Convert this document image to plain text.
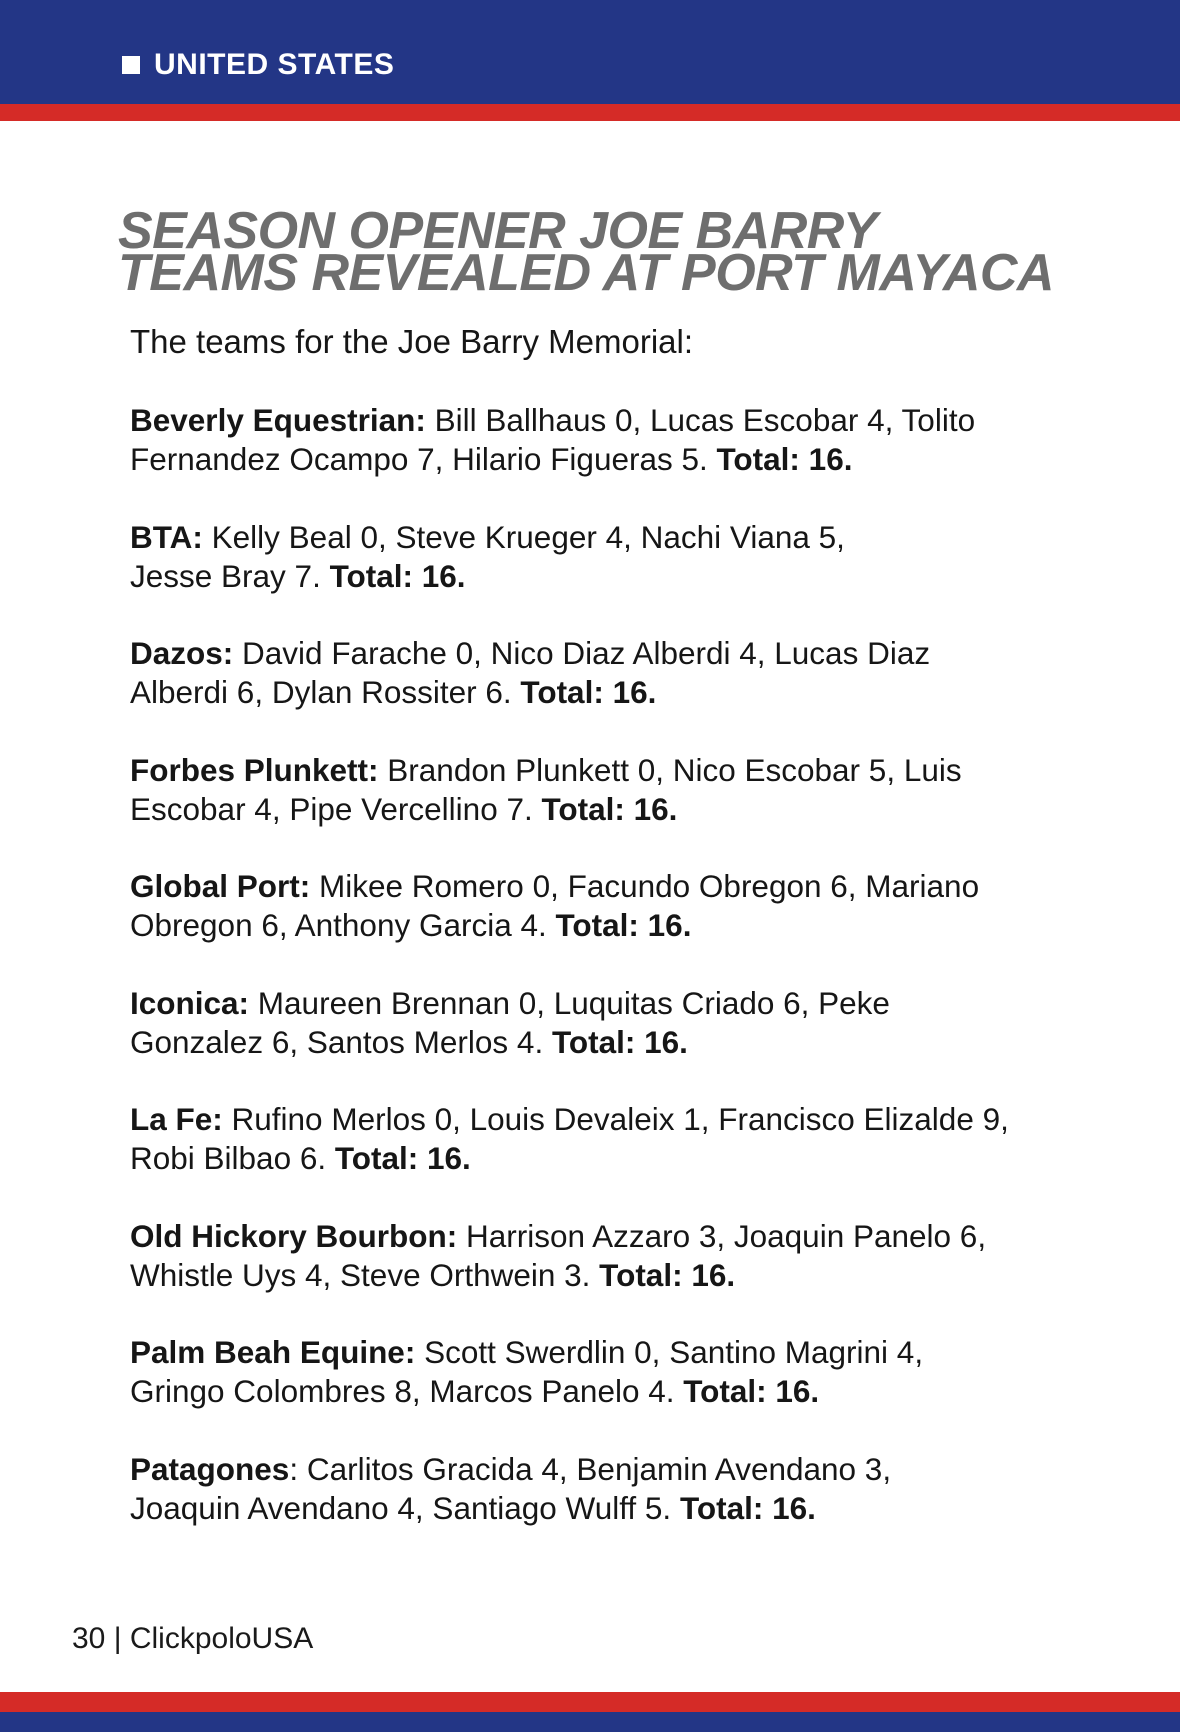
UNITED STATES
SEASON OPENER JOE BARRY
TEAMS REVEALED AT PORT MAYACA

The teams for the Joe Barry Memorial:

Beverly Equestrian: Bill Ballhaus 0, Lucas Escobar 4, Tolito
Fernandez Ocampo 7, Hilario Figueras 5. Total: 16.
BTA: Kelly Beal 0, Steve Krueger 4, Nachi Viana 5,
Jesse Bray 7. Total: 16.
Dazos: David Farache 0, Nico Diaz Alberdi 4, Lucas Diaz
Alberdi 6, Dylan Rossiter 6. Total: 16.
Forbes Plunkett: Brandon Plunkett 0, Nico Escobar 5, Luis
Escobar 4, Pipe Vercellino 7. Total: 16.
Global Port: Mikee Romero 0, Facundo Obregon 6, Mariano
Obregon 6, Anthony Garcia 4. Total: 16.
Iconica: Maureen Brennan 0, Luquitas Criado 6, Peke
Gonzalez 6, Santos Merlos 4. Total: 16.
La Fe: Rufino Merlos 0, Louis Devaleix 1, Francisco Elizalde 9,
Robi Bilbao 6. Total: 16.
Old Hickory Bourbon: Harrison Azzaro 3, Joaquin Panelo 6,
Whistle Uys 4, Steve Orthwein 3. Total: 16.
Palm Beah Equine: Scott Swerdlin 0, Santino Magrini 4,
Gringo Colombres 8, Marcos Panelo 4. Total: 16.
Patagones: Carlitos Gracida 4, Benjamin Avendano 3,
Joaquin Avendano 4, Santiago Wulff 5. Total: 16.
30 | ClickpoloUSA
